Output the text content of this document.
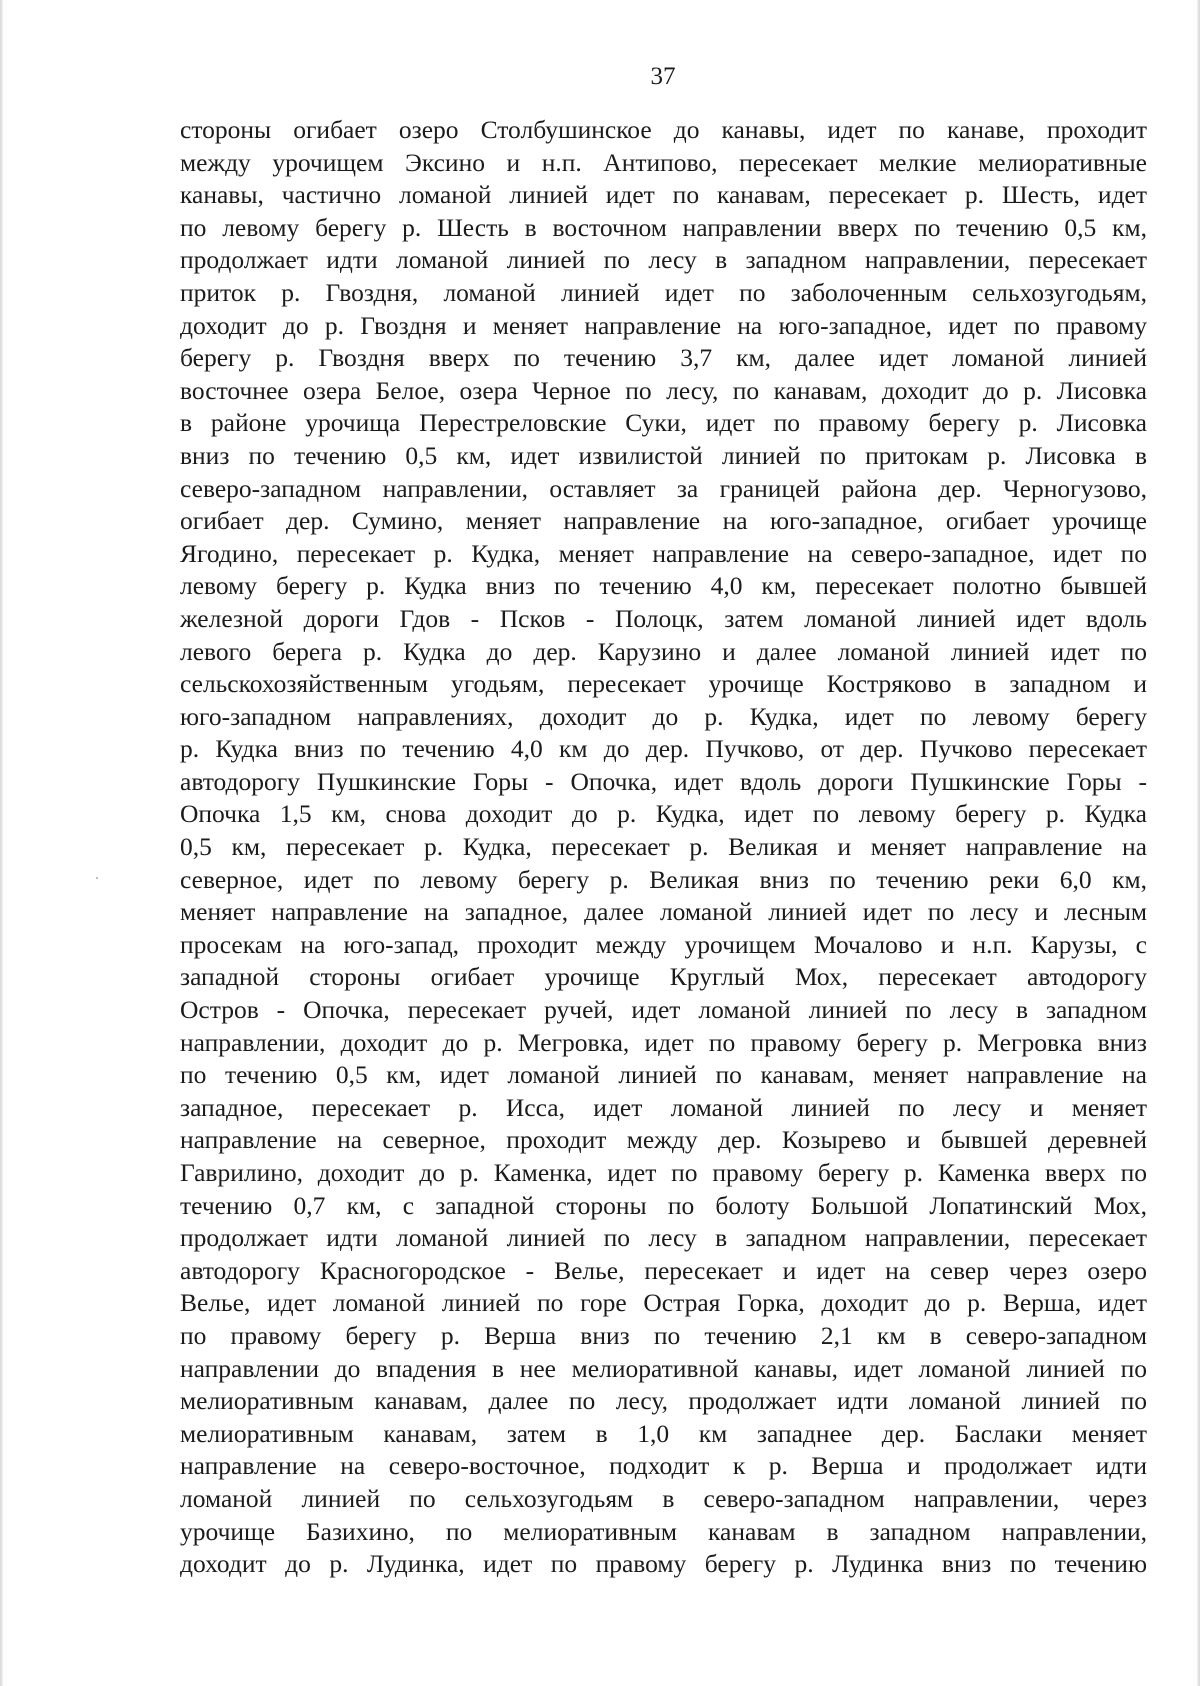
37
стороны огибает озеро Столбушинское до канавы, идет по канаве, проходит
между урочищем Эксино и н.п. Антипово, пересекает мелкие мелиоративные
канавы, частично ломаной линией идет по канавам, пересекает р. Шесть, идет
по левому берегу р. Шесть в восточном направлении вверх по течению 0,5 км,
продолжает идти ломаной линией по лесу в западном направлении, пересекает
приток р. Гвоздня, ломаной линией идет по заболоченным сельхозугодьям,
доходит до р. Гвоздня и меняет направление на юго-западное, идет по правому
берегу р. Гвоздня вверх по течению 3,7 км, далее идет ломаной линией
восточнее озера Белое, озера Черное по лесу, по канавам, доходит до р. Лисовка
в районе урочища Перестреловские Суки, идет по правому берегу р. Лисовка
вниз по течению 0,5 км, идет извилистой линией по притокам р. Лисовка в
северо-западном направлении, оставляет за границей района дер. Черногузово,
огибает дер. Сумино, меняет направление на юго-западное, огибает урочище
Ягодино, пересекает р. Кудка, меняет направление на северо-западное, идет по
левому берегу р. Кудка вниз по течению 4,0 км, пересекает полотно бывшей
железной дороги Гдов - Псков - Полоцк, затем ломаной линией идет вдоль
левого берега р. Кудка до дер. Карузино и далее ломаной линией идет по
сельскохозяйственным угодьям, пересекает урочище Костряково в западном и
юго-западном направлениях, доходит до р. Кудка, идет по левому берегу
р. Кудка вниз по течению 4,0 км до дер. Пучково, от дер. Пучково пересекает
автодорогу Пушкинские Горы - Опочка, идет вдоль дороги Пушкинские Горы -
Опочка 1,5 км, снова доходит до р. Кудка, идет по левому берегу р. Кудка
0,5 км, пересекает р. Кудка, пересекает р. Великая и меняет направление на
северное, идет по левому берегу р. Великая вниз по течению реки 6,0 км,
меняет направление на западное, далее ломаной линией идет по лесу и лесным
просекам на юго-запад, проходит между урочищем Мочалово и н.п. Карузы, с
западной стороны огибает урочище Круглый Мох, пересекает автодорогу
Остров - Опочка, пересекает ручей, идет ломаной линией по лесу в западном
направлении, доходит до р. Мегровка, идет по правому берегу р. Мегровка вниз
по течению 0,5 км, идет ломаной линией по канавам, меняет направление на
западное, пересекает р. Исса, идет ломаной линией по лесу и меняет
направление на северное, проходит между дер. Козырево и бывшей деревней
Гаврилино, доходит до р. Каменка, идет по правому берегу р. Каменка вверх по
течению 0,7 км, с западной стороны по болоту Большой Лопатинский Мох,
продолжает идти ломаной линией по лесу в западном направлении, пересекает
автодорогу Красногородское - Велье, пересекает и идет на север через озеро
Велье, идет ломаной линией по горе Острая Горка, доходит до р. Верша, идет
по правому берегу р. Верша вниз по течению 2,1 км в северо-западном
направлении до впадения в нее мелиоративной канавы, идет ломаной линией по
мелиоративным канавам, далее по лесу, продолжает идти ломаной линией по
мелиоративным канавам, затем в 1,0 км западнее дер. Баслаки меняет
направление на северо-восточное, подходит к р. Верша и продолжает идти
ломаной линией по сельхозугодьям в северо-западном направлении, через
урочище Базихино, по мелиоративным канавам в западном направлении,
доходит до р. Лудинка, идет по правому берегу р. Лудинка вниз по течению
